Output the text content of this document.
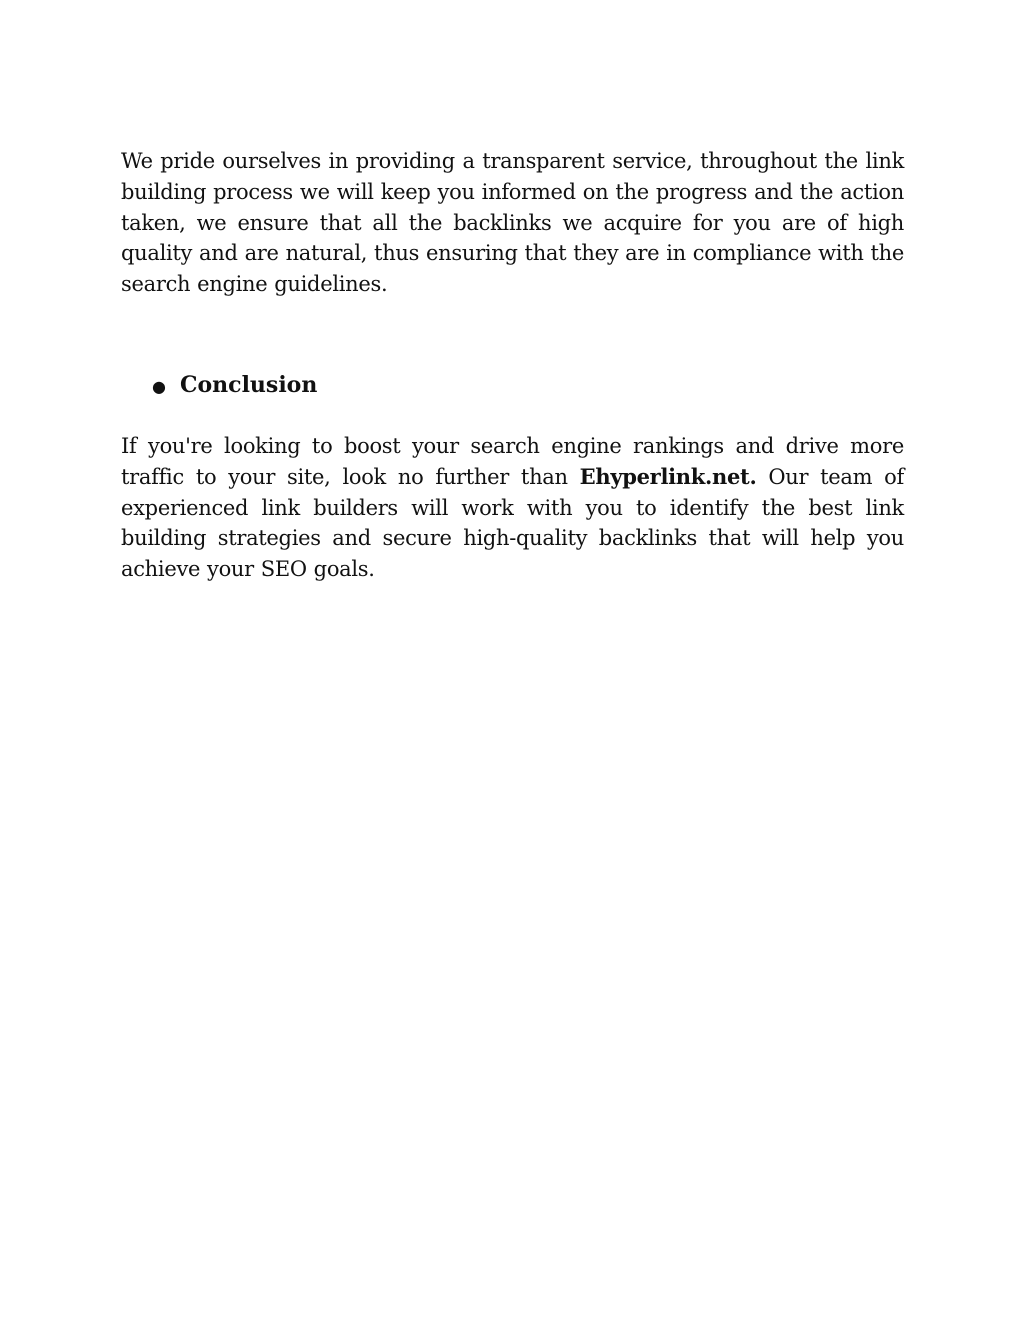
We pride ourselves in providing a transparent service, throughout the link building process we will keep you informed on the progress and the action taken, we ensure that all the backlinks we acquire for you are of high quality and are natural, thus ensuring that they are in compliance with the search engine guidelines.

● Conclusion

If you're looking to boost your search engine rankings and drive more traffic to your site, look no further than Ehyperlink.net. Our team of experienced link builders will work with you to identify the best link building strategies and secure high-quality backlinks that will help you achieve your SEO goals.
